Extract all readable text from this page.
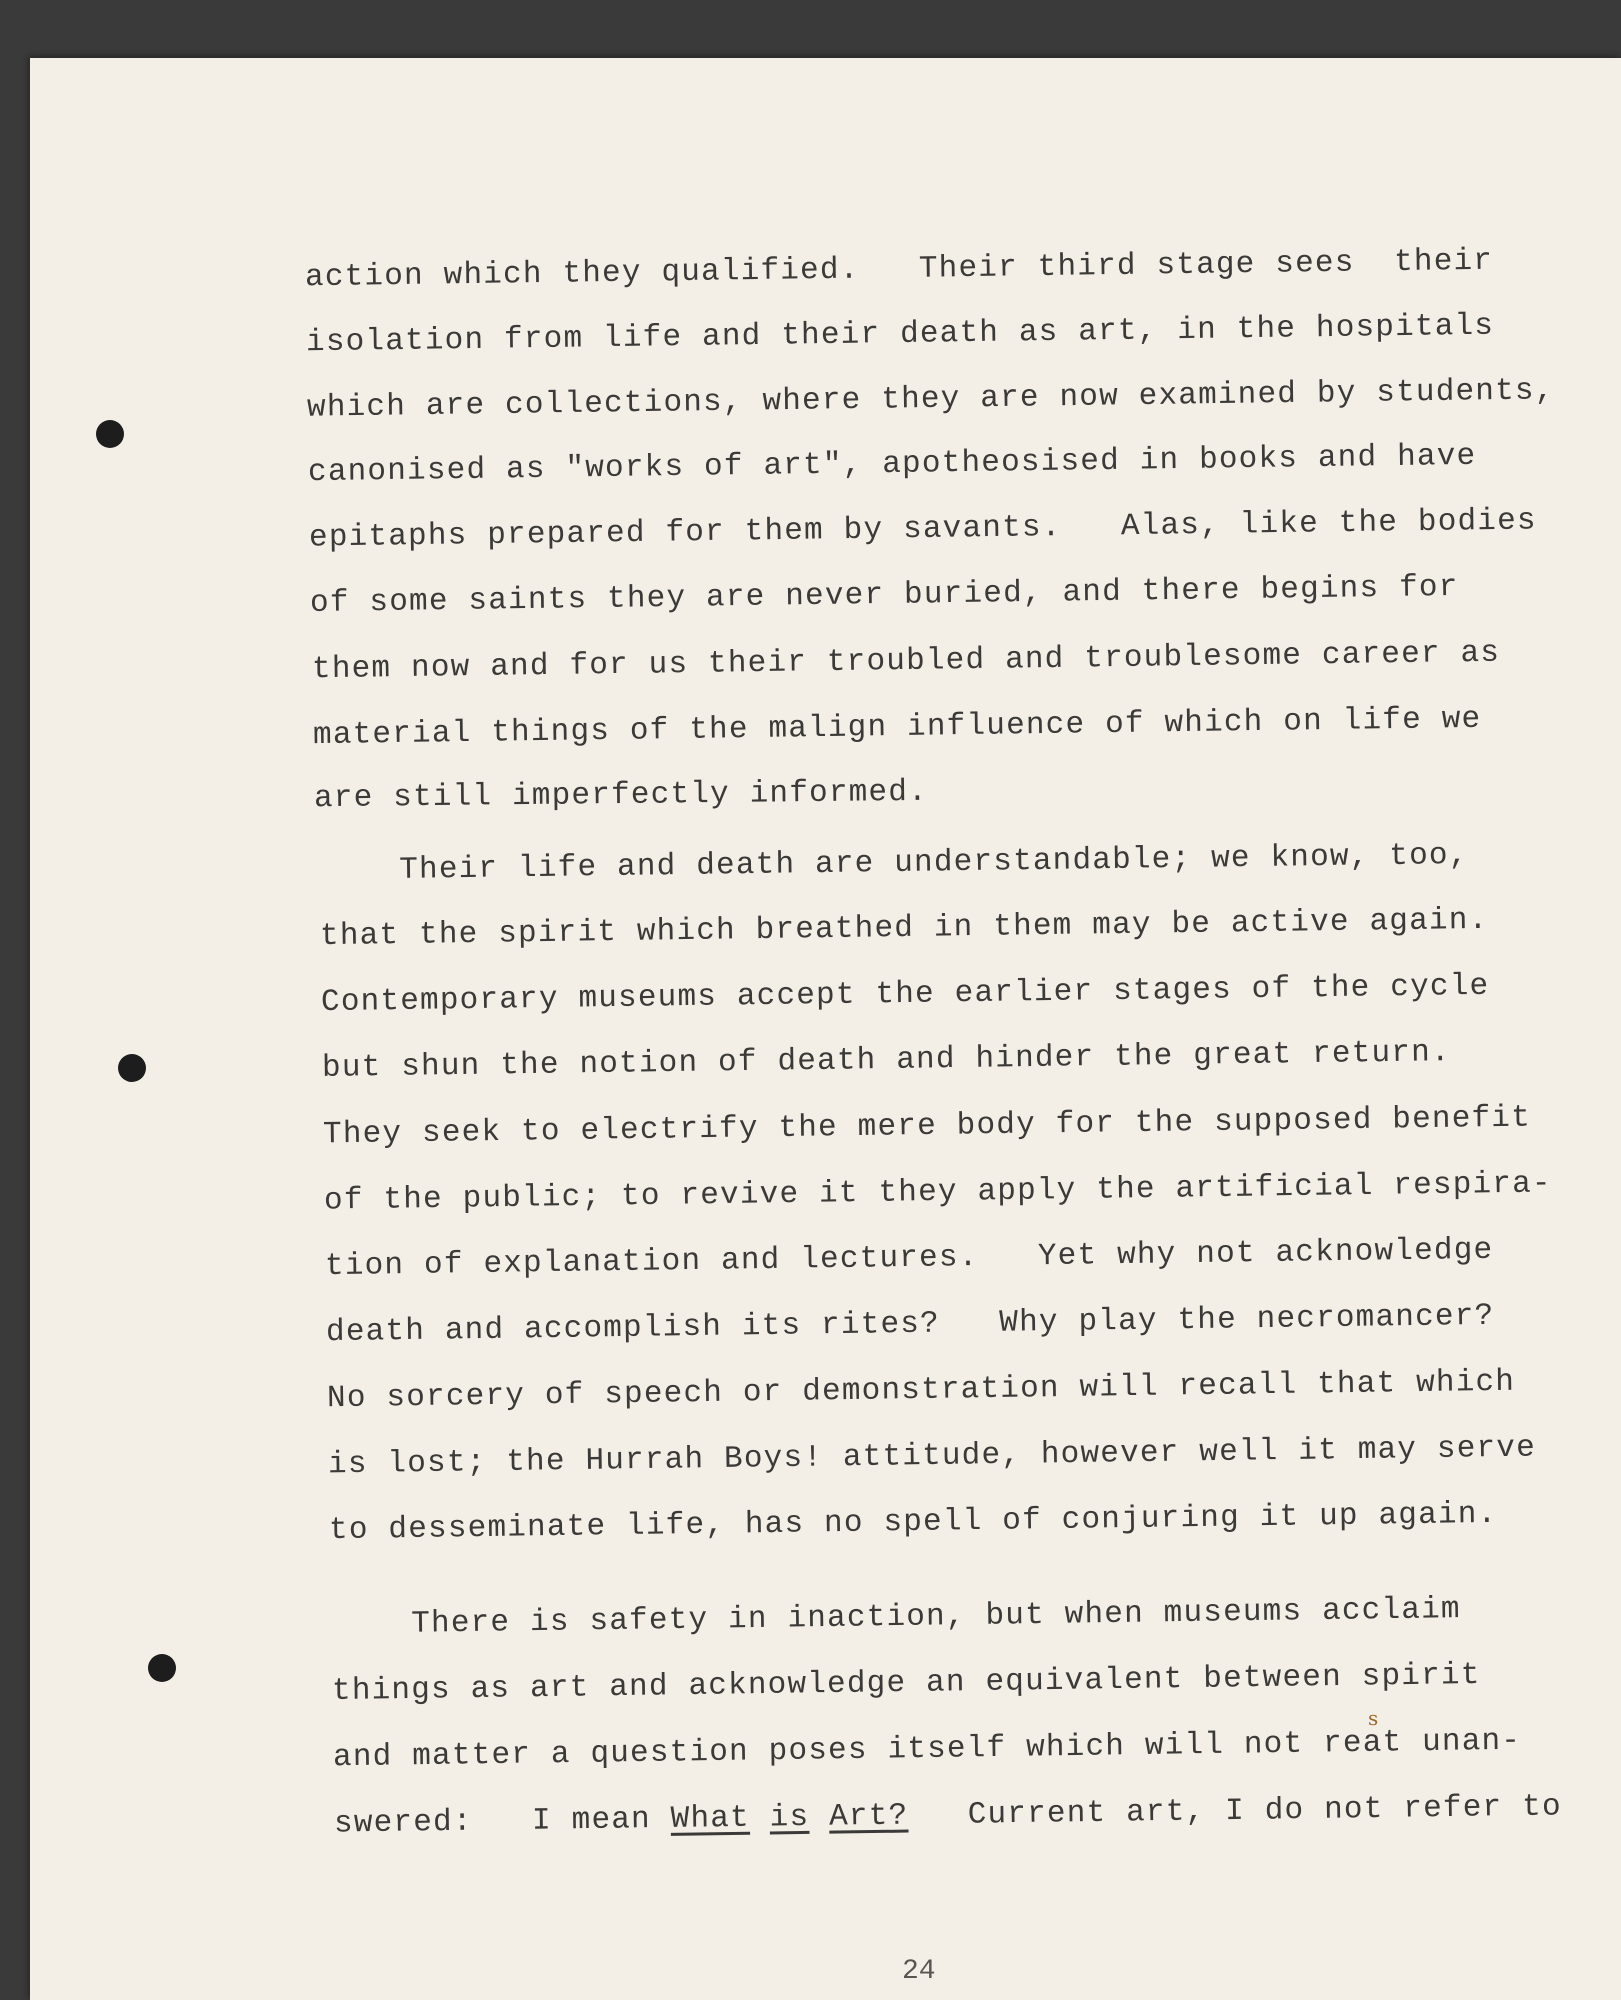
action which they qualified.   Their third stage sees  their
isolation from life and their death as art, in the hospitals
which are collections, where they are now examined by students,
canonised as "works of art", apotheosised in books and have
epitaphs prepared for them by savants.   Alas, like the bodies
of some saints they are never buried, and there begins for
them now and for us their troubled and troublesome career as
material things of the malign influence of which on life we
are still imperfectly informed.
Their life and death are understandable; we know, too,
that the spirit which breathed in them may be active again.
Contemporary museums accept the earlier stages of the cycle
but shun the notion of death and hinder the great return.
They seek to electrify the mere body for the supposed benefit
of the public; to revive it they apply the artificial respira-
tion of explanation and lectures.   Yet why not acknowledge
death and accomplish its rites?   Why play the necromancer?
No sorcery of speech or demonstration will recall that which
is lost; the Hurrah Boys! attitude, however well it may serve
to desseminate life, has no spell of conjuring it up again.
There is safety in inaction, but when museums acclaim
things as art and acknowledge an equivalent between spirit
and matter a question poses itself which will not reat unan-
s
swered:   I mean What is Art?   Current art, I do not refer to
24
